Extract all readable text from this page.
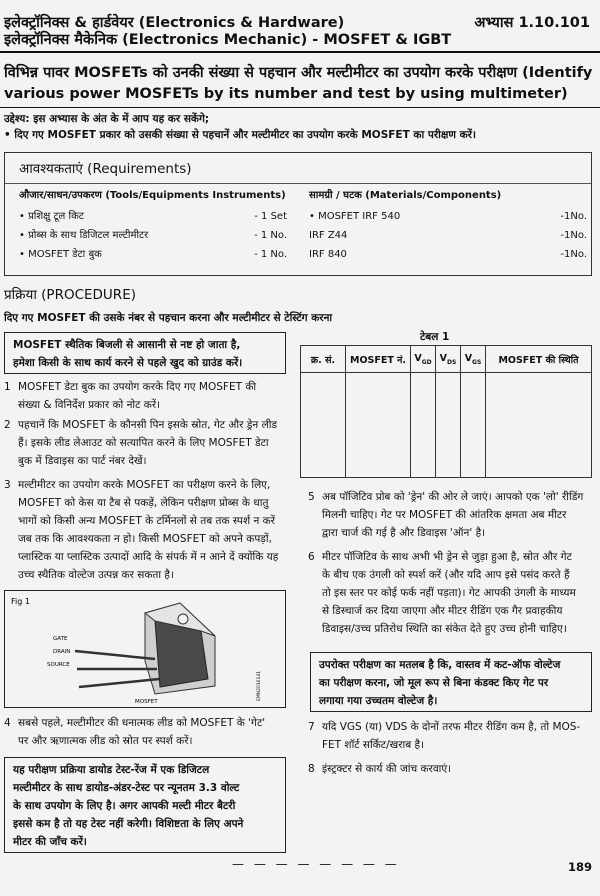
इलेक्ट्रॉनिक्स & हार्डवेयर (Electronics & Hardware)
इलेक्ट्रॉनिक्स मैकेनिक (Electronics Mechanic) - MOSFET & IGBT
अभ्यास 1.10.101
विभिन्न पावर MOSFETs को उनकी संख्या से पहचान और मल्टीमीटर का उपयोग करके परीक्षण (Identify various power MOSFETs by its number and test by using multimeter)
उद्देश्य: इस अभ्यास के अंत के में आप यह कर सकेंगे;
• दिए गए MOSFET प्रकार को उसकी संख्या से पहचानें और मल्टीमीटर का उपयोग करके MOSFET का परीक्षण करें।
आवश्यकताएं (Requirements)
औजार/साधन/उपकरण (Tools/Equipments Instruments)
• प्रशिक्षु टूल किट	- 1 Set
• प्रोब्स के साथ डिजिटल मल्टीमीटर	- 1 No.
• MOSFET डेटा बुक	- 1 No.
सामग्री / घटक (Materials/Components)
• MOSFET IRF 540	-1No.
IRF Z44	-1No.
IRF 840	-1No.
प्रक्रिया (PROCEDURE)
दिए गए MOSFET की उसके नंबर से पहचान करना और मल्टीमीटर से टेस्टिंग करना
MOSFET स्थैतिक बिजली से आसानी से नष्ट हो जाता है,
हमेशा किसी के साथ कार्य करने से पहले खुद को ग्राउंड करें।
1 MOSFET डेटा बुक का उपयोग करके दिए गए MOSFET की
संख्या & विनिर्देश प्रकार को नोट करें।
2 पहचानें कि MOSFET के कौनसी पिन इसके स्रोत, गेट और ड्रेन लीड
हैं। इसके लीड लेआउट को सत्यापित करने के लिए MOSFET डेटा
बुक में डिवाइस का पार्ट नंबर देखें।
3 मल्टीमीटर का उपयोग करके MOSFET का परीक्षण करने के लिए,
MOSFET को केस या टैब से पकड़ें, लेकिन परीक्षण प्रोब्स के धातु
भागों को किसी अन्य MOSFET के टर्मिनलों से तब तक स्पर्श न करें
जब तक कि आवश्यकता न हो। किसी MOSFET को अपने कपड़ों,
प्लास्टिक या प्लास्टिक उत्पादों आदि के संपर्क में न आने दें क्योंकि यह
उच्च स्थैतिक वोल्टेज उत्पन्न कर सकता है।
Fig 1
GATE
DRAIN
SOURCE
MOSFET
EMN2010141
4 सबसे पहले, मल्टीमीटर की धनात्मक लीड को MOSFET के 'गेट'
पर और ऋणात्मक लीड को स्रोत पर स्पर्श करें।
यह परीक्षण प्रक्रिया डायोड टेस्ट-रेंज में एक डिजिटल
मल्टीमीटर के साथ डायोड-अंडर-टेस्ट पर न्यूनतम 3.3 वोल्ट
के साथ उपयोग के लिए है। अगर आपकी मल्टी मीटर बैटरी
इससे कम है तो यह टेस्ट नहीं करेगी। विशिष्टता के लिए अपने
मीटर की जाँच करें।
टेबल 1
क्र. सं.	MOSFET नं.	$V_{GD}$	$V_{DS}$	$V_{GS}$	MOSFET की स्थिति

5 अब पॉजिटिव प्रोब को 'ड्रेन' की ओर ले जाएं। आपको एक 'लो' रीडिंग
मिलनी चाहिए। गेट पर MOSFET की आंतरिक क्षमता अब मीटर
द्वारा चार्ज की गई है और डिवाइस 'ऑन' है।
6 मीटर पॉजिटिव के साथ अभी भी ड्रेन से जुड़ा हुआ है, स्रोत और गेट
के बीच एक उंगली को स्पर्श करें (और यदि आप इसे पसंद करते हैं
तो इस स्तर पर कोई फर्क नहीं पड़ता)। गेट आपकी उंगली के माध्यम
से डिस्चार्ज कर दिया जाएगा और मीटर रीडिंग एक गैर प्रवाहकीय
डिवाइस/उच्च प्रतिरोध स्थिति का संकेत देते हुए उच्च होनी चाहिए।
उपरोक्त परीक्षण का मतलब है कि, वास्तव में कट-ऑफ वोल्टेज
का परीक्षण करना, जो मूल रूप से बिना कंडक्ट किए गेट पर
लगाया गया उच्चतम वोल्टेज है।
7 यदि VGS (या) VDS के दोनों तरफ मीटर रीडिंग कम है, तो MOS-
FET शॉर्ट सर्किट/खराब है।
8 इंस्ट्रक्टर से कार्य की जांच करवाएं।
— — — — — — — —	189
